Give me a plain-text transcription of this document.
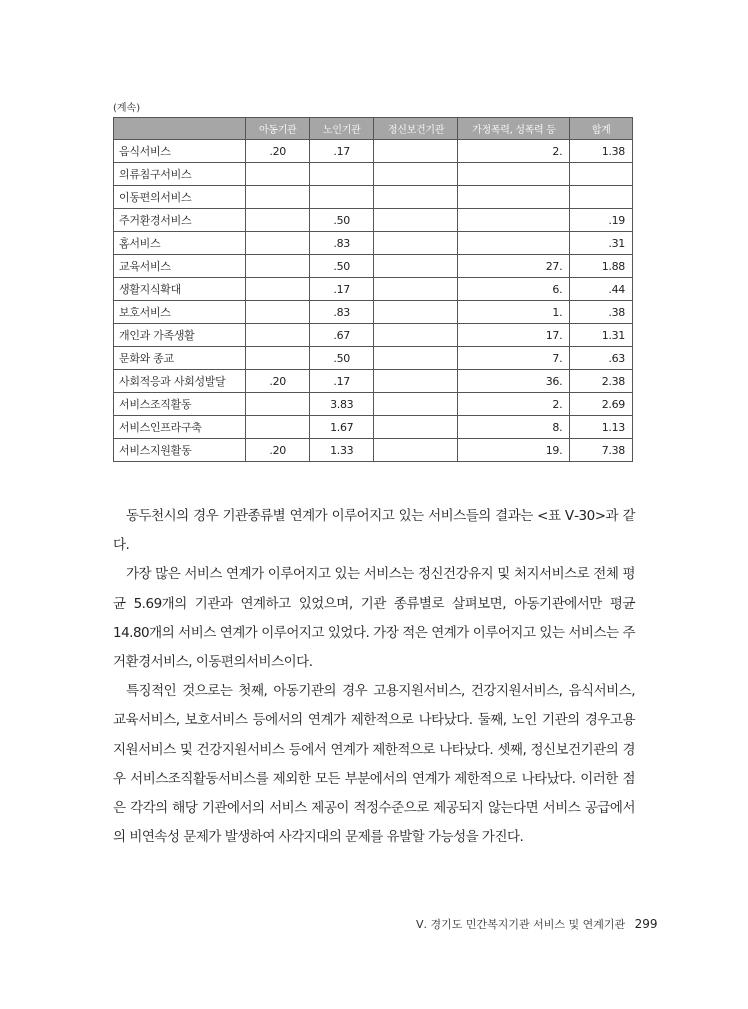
(계속)
	아동기관	노인기관	정신보건기관	가정폭력, 성폭력 등	합계
음식서비스	.20	.17		2.	1.38
의류침구서비스					
이동편의서비스					
주거환경서비스		.50			.19
홈서비스		.83			.31
교육서비스		.50		27.	1.88
생활지식확대		.17		6.	.44
보호서비스		.83		1.	.38
개인과 가족생활		.67		17.	1.31
문화와 종교		.50		7.	.63
사회적응과 사회성발달	.20	.17		36.	2.38
서비스조직활동		3.83		2.	2.69
서비스인프라구축		1.67		8.	1.13
서비스지원활동	.20	1.33		19.	7.38

동두천시의 경우 기관종류별 연계가 이루어지고 있는 서비스들의 결과는 <표 Ⅴ-30>과 같다.

가장 많은 서비스 연계가 이루어지고 있는 서비스는 정신건강유지 및 처지서비스로 전체 평균 5.69개의 기관과 연계하고 있었으며, 기관 종류별로 살펴보면, 아동기관에서만 평균 14.80개의 서비스 연계가 이루어지고 있었다. 가장 적은 연계가 이루어지고 있는 서비스는 주거환경서비스, 이동편의서비스이다.

특징적인 것으로는 첫째, 아동기관의 경우 고용지원서비스, 건강지원서비스, 음식서비스, 교육서비스, 보호서비스 등에서의 연계가 제한적으로 나타났다. 둘째, 노인 기관의 경우고용지원서비스 및 건강지원서비스 등에서 연계가 제한적으로 나타났다. 셋째, 정신보건기관의 경우 서비스조직활동서비스를 제외한 모든 부분에서의 연계가 제한적으로 나타났다. 이러한 점은 각각의 해당 기관에서의 서비스 제공이 적정수준으로 제공되지 않는다면 서비스 공급에서의 비연속성 문제가 발생하여 사각지대의 문제를 유발할 가능성을 가진다.

Ⅴ. 경기도 민간복지기관 서비스 및 연계기관 299
